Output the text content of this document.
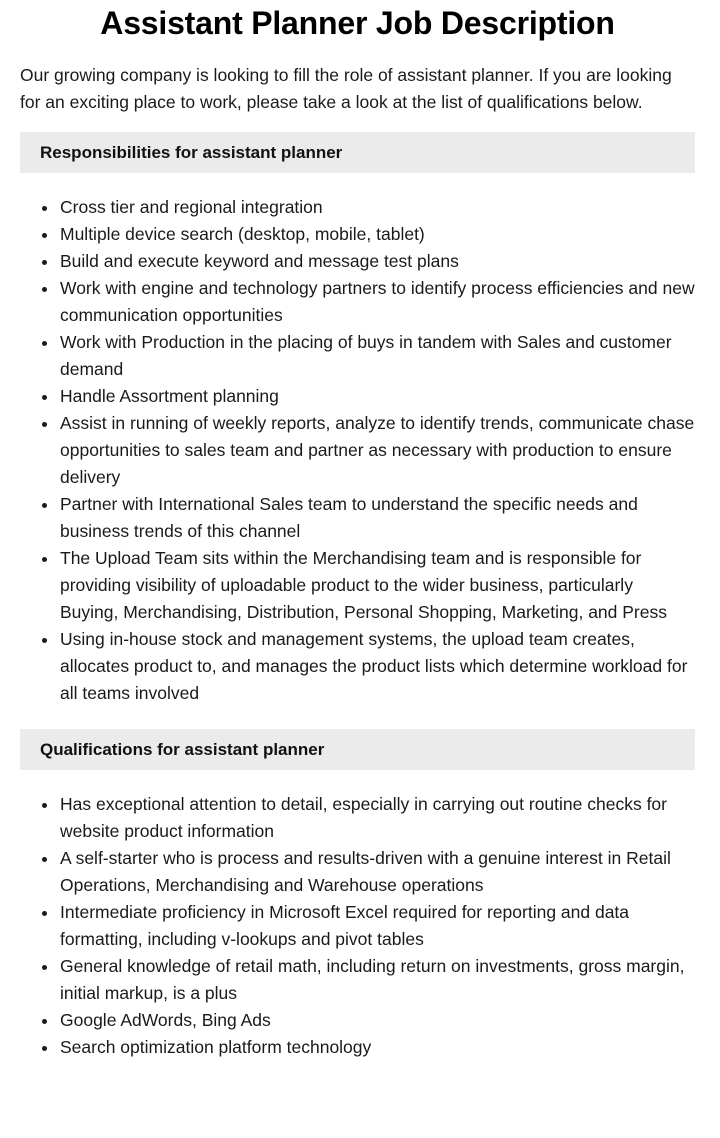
Assistant Planner Job Description

Our growing company is looking to fill the role of assistant planner. If you are looking for an exciting place to work, please take a look at the list of qualifications below.

Responsibilities for assistant planner
Cross tier and regional integration
Multiple device search (desktop, mobile, tablet)
Build and execute keyword and message test plans
Work with engine and technology partners to identify process efficiencies and new communication opportunities
Work with Production in the placing of buys in tandem with Sales and customer demand
Handle Assortment planning
Assist in running of weekly reports, analyze to identify trends, communicate chase opportunities to sales team and partner as necessary with production to ensure delivery
Partner with International Sales team to understand the specific needs and business trends of this channel
The Upload Team sits within the Merchandising team and is responsible for providing visibility of uploadable product to the wider business, particularly Buying, Merchandising, Distribution, Personal Shopping, Marketing, and Press
Using in-house stock and management systems, the upload team creates, allocates product to, and manages the product lists which determine workload for all teams involved
Qualifications for assistant planner
Has exceptional attention to detail, especially in carrying out routine checks for website product information
A self-starter who is process and results-driven with a genuine interest in Retail Operations, Merchandising and Warehouse operations
Intermediate proficiency in Microsoft Excel required for reporting and data formatting, including v-lookups and pivot tables
General knowledge of retail math, including return on investments, gross margin, initial markup, is a plus
Google AdWords, Bing Ads
Search optimization platform technology
